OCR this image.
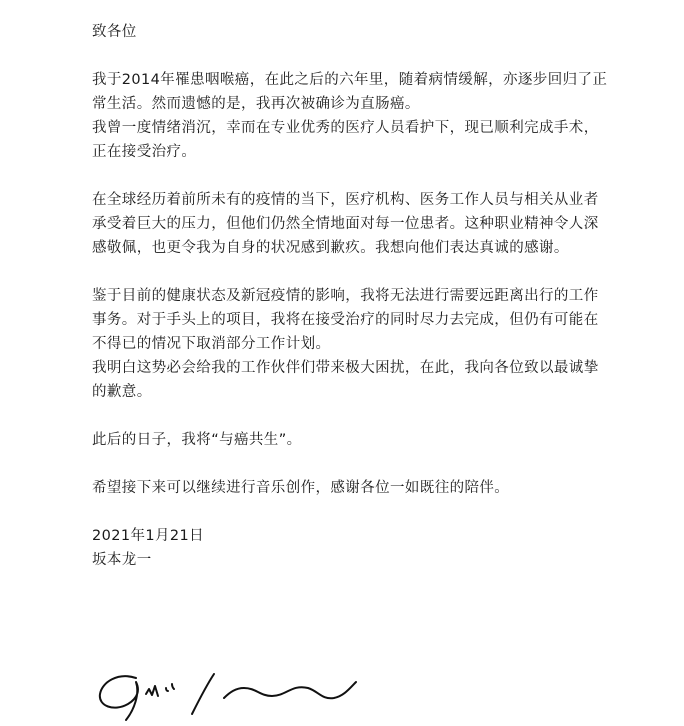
致各位

我于2014年罹患咽喉癌，在此之后的六年里，随着病情缓解，亦逐步回归了正常生活。然而遗憾的是，我再次被确诊为直肠癌。

我曾一度情绪消沉，幸而在专业优秀的医疗人员看护下，现已顺利完成手术，正在接受治疗。

在全球经历着前所未有的疫情的当下，医疗机构、医务工作人员与相关从业者承受着巨大的压力，但他们仍然全情地面对每一位患者。这种职业精神令人深感敬佩，也更令我为自身的状况感到歉疚。我想向他们表达真诚的感谢。

鉴于目前的健康状态及新冠疫情的影响，我将无法进行需要远距离出行的工作事务。对于手头上的项目，我将在接受治疗的同时尽力去完成，但仍有可能在不得已的情况下取消部分工作计划。

我明白这势必会给我的工作伙伴们带来极大困扰，在此，我向各位致以最诚挚的歉意。

此后的日子，我将“与癌共生”。

希望接下来可以继续进行音乐创作，感谢各位一如既往的陪伴。

2021年1月21日

坂本龙一
